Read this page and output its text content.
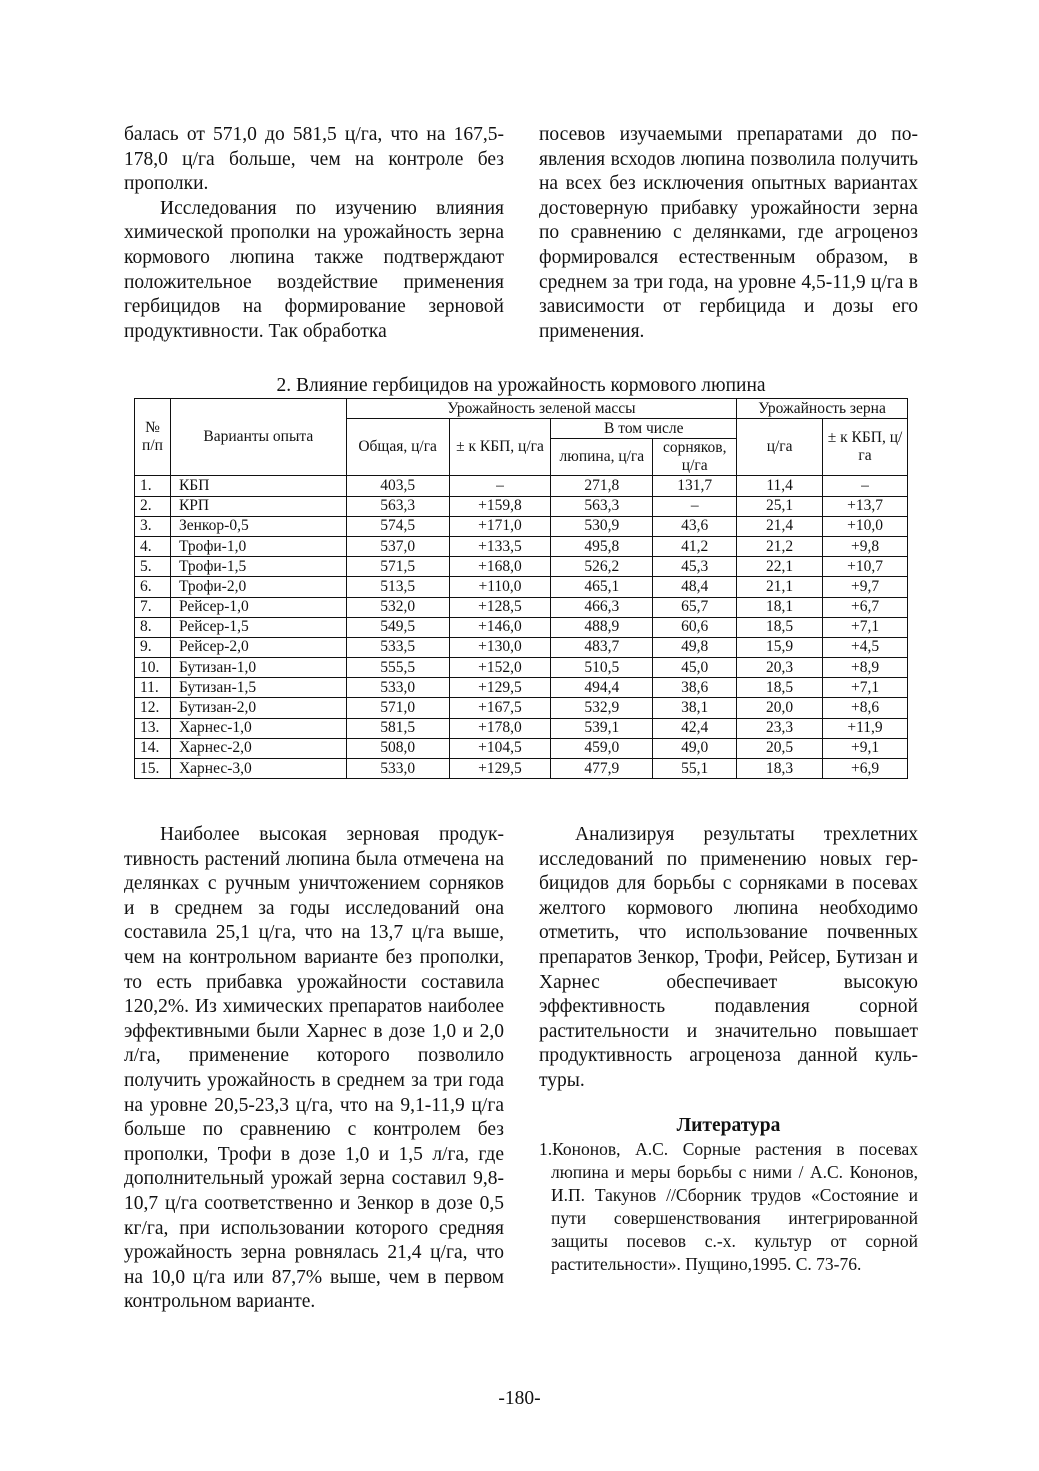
балась от 571,0 до 581,5 ц/га, что на 167,5-178,0 ц/га больше, чем на контроле без прополки.

Исследования по изучению влияния химической прополки на урожайность зерна кормового люпина также подтверждают положительное воздействие применения гербицидов на формирование зерновой продуктивности. Так обработка

посевов изучаемыми препаратами до появления всходов люпина позволила получить на всех без исключения опытных вариантах достоверную прибавку урожайности зерна по сравнению с делянками, где агроценоз формировался естественным образом, в среднем за три года, на уровне 4,5-11,9 ц/га в зависимости от гербицида и дозы его применения.

2. Влияние гербицидов на урожайность кормового люпина
№ п/п	Варианты опыта	Урожайность зеленой массы				Урожайность зерна	
		Общая, ц/га	± к КБП, ц/га	В том числе		ц/га	± к КБП, ц/га
				люпина, ц/га	сорняков, ц/га		
1.	КБП	403,5	–	271,8	131,7	11,4	–
2.	КРП	563,3	+159,8	563,3	–	25,1	+13,7
3.	Зенкор-0,5	574,5	+171,0	530,9	43,6	21,4	+10,0
4.	Трофи-1,0	537,0	+133,5	495,8	41,2	21,2	+9,8
5.	Трофи-1,5	571,5	+168,0	526,2	45,3	22,1	+10,7
6.	Трофи-2,0	513,5	+110,0	465,1	48,4	21,1	+9,7
7.	Рейсер-1,0	532,0	+128,5	466,3	65,7	18,1	+6,7
8.	Рейсер-1,5	549,5	+146,0	488,9	60,6	18,5	+7,1
9.	Рейсер-2,0	533,5	+130,0	483,7	49,8	15,9	+4,5
10.	Бутизан-1,0	555,5	+152,0	510,5	45,0	20,3	+8,9
11.	Бутизан-1,5	533,0	+129,5	494,4	38,6	18,5	+7,1
12.	Бутизан-2,0	571,0	+167,5	532,9	38,1	20,0	+8,6
13.	Харнес-1,0	581,5	+178,0	539,1	42,4	23,3	+11,9
14.	Харнес-2,0	508,0	+104,5	459,0	49,0	20,5	+9,1
15.	Харнес-3,0	533,0	+129,5	477,9	55,1	18,3	+6,9

Наиболее высокая зерновая продуктивность растений люпина была отмечена на делянках с ручным уничтожением сорняков и в среднем за годы исследований она составила 25,1 ц/га, что на 13,7 ц/га выше, чем на контрольном варианте без прополки, то есть прибавка урожайности составила 120,2%. Из химических препаратов наиболее эффективными были Харнес в дозе 1,0 и 2,0 л/га, применение которого позволило получить урожайность в среднем за три года на уровне 20,5-23,3 ц/га, что на 9,1-11,9 ц/га больше по сравнению с контролем без прополки, Трофи в дозе 1,0 и 1,5 л/га, где дополнительный урожай зерна составил 9,8-10,7 ц/га соответственно и Зенкор в дозе 0,5 кг/га, при использовании которого средняя урожайность зерна ровнялась 21,4 ц/га, что на 10,0 ц/га или 87,7% выше, чем в первом контрольном варианте.

Анализируя результаты трехлетних исследований по применению новых гербицидов для борьбы с сорняками в посевах желтого кормового люпина необходимо отметить, что использование почвенных препаратов Зенкор, Трофи, Рейсер, Бутизан и Харнес обеспечивает высокую эффективность подавления сорной растительности и значительно повышает продуктивность агроценоза данной культуры.

Литература

1.Кононов, А.С. Сорные растения в посевах люпина и меры борьбы с ними / А.С. Кононов, И.П. Такунов //Сборник трудов «Состояние и пути совершенствования интегрированной защиты посевов с.-х. культур от сорной растительности». Пущино,1995. С. 73-76.
-180-
